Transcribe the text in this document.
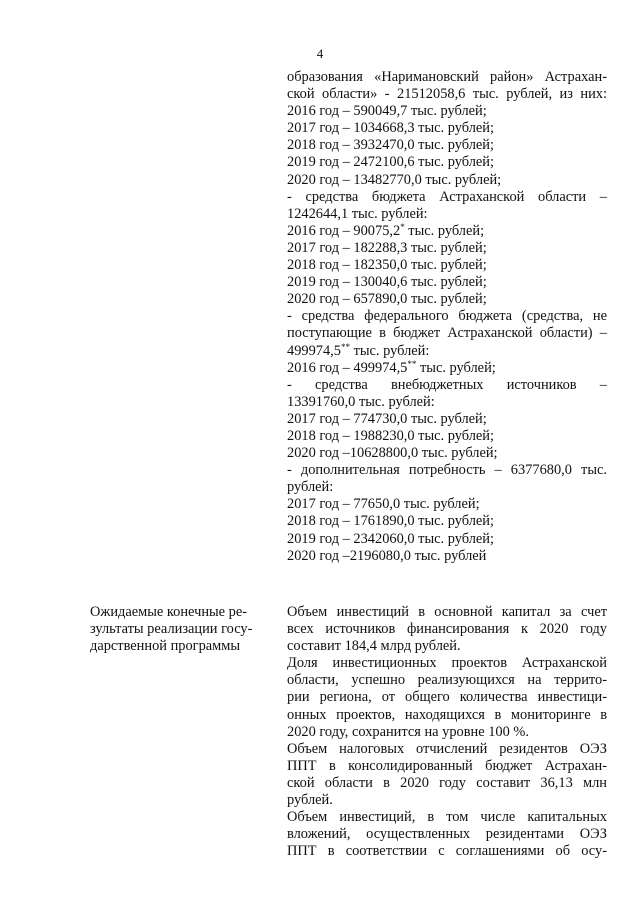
4
образования «Наримановский район» Астрахан-
ской области» - 21512058,6 тыс. рублей, из них:
2016 год – 590049,7 тыс. рублей;
2017 год – 1034668,3 тыс. рублей;
2018 год – 3932470,0 тыс. рублей;
2019 год – 2472100,6 тыс. рублей;
2020 год – 13482770,0 тыс. рублей;
- средства бюджета Астраханской области –
1242644,1 тыс. рублей:
2016 год – 90075,2* тыс. рублей;
2017 год – 182288,3 тыс. рублей;
2018 год – 182350,0 тыс. рублей;
2019 год – 130040,6 тыс. рублей;
2020 год – 657890,0 тыс. рублей;
- средства федерального бюджета (средства, не
поступающие в бюджет Астраханской области) –
499974,5** тыс. рублей:
2016 год – 499974,5** тыс. рублей;
- средства внебюджетных источников –
13391760,0 тыс. рублей:
2017 год – 774730,0 тыс. рублей;
2018 год – 1988230,0 тыс. рублей;
2020 год –10628800,0 тыс. рублей;
- дополнительная потребность – 6377680,0 тыс.
рублей:
2017 год – 77650,0 тыс. рублей;
2018 год – 1761890,0 тыс. рублей;
2019 год – 2342060,0 тыс. рублей;
2020 год –2196080,0 тыс. рублей
Ожидаемые конечные ре-
зультаты реализации госу-
дарственной программы
Объем инвестиций в основной капитал за счет
всех источников финансирования к 2020 году
составит 184,4 млрд рублей.
Доля инвестиционных проектов Астраханской
области, успешно реализующихся на террито-
рии региона, от общего количества инвестици-
онных проектов, находящихся в мониторинге в
2020 году, сохранится на уровне 100 %.
Объем налоговых отчислений резидентов ОЭЗ
ППТ в консолидированный бюджет Астрахан-
ской области в 2020 году составит 36,13 млн
рублей.
Объем инвестиций, в том числе капитальных
вложений, осуществленных резидентами ОЭЗ
ППТ в соответствии с соглашениями об осу-
